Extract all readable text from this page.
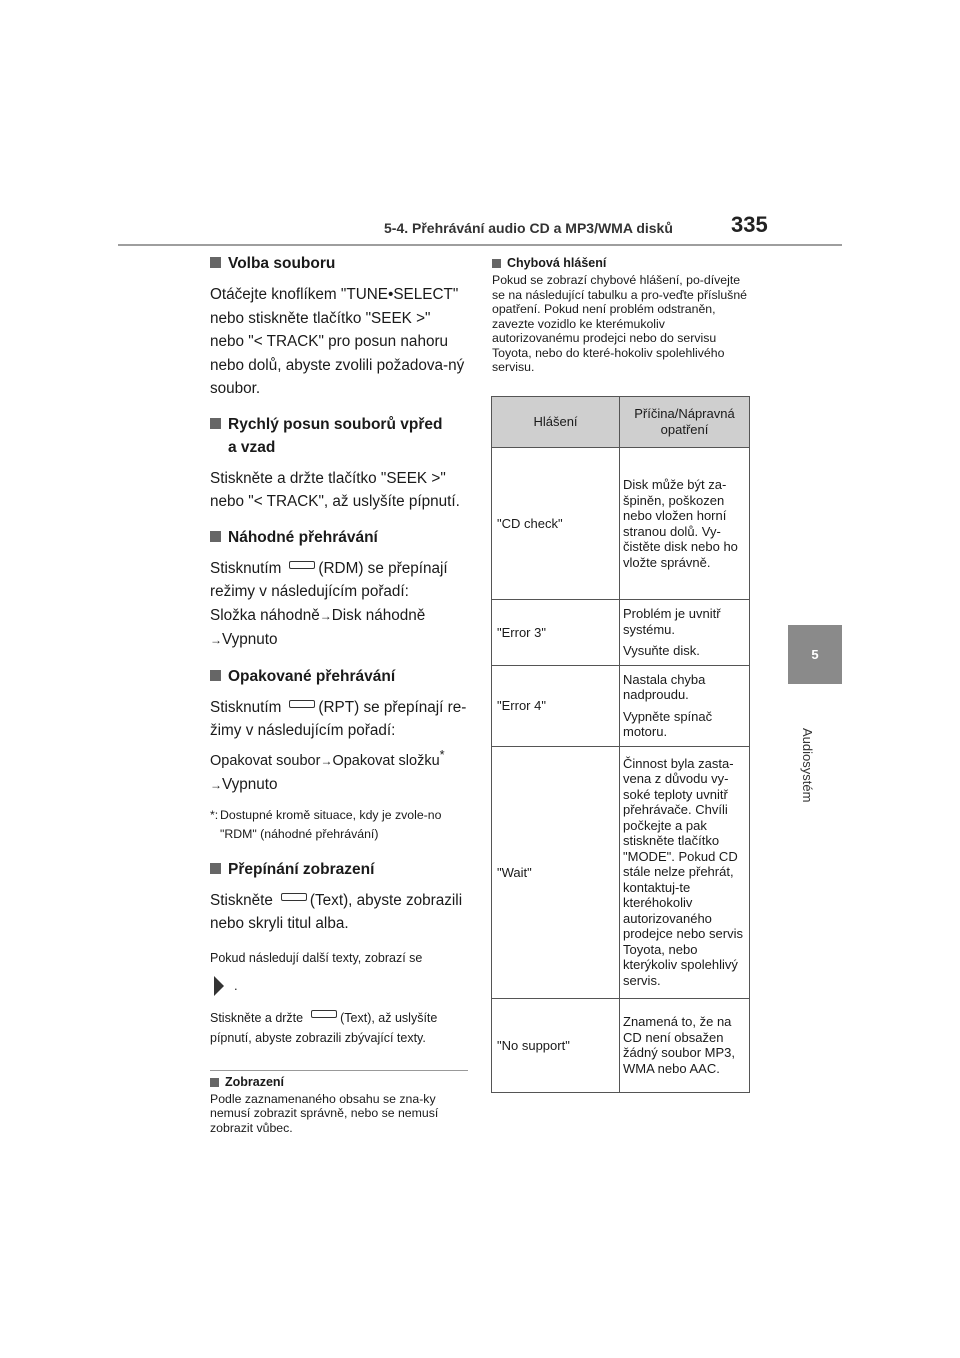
5-4. Přehrávání audio CD a MP3/WMA disků	335
5
Audiosystém
Volba souboru

Otáčejte knoflíkem "TUNE•SELECT" nebo stiskněte tlačítko "SEEK >" nebo "< TRACK" pro posun nahoru nebo dolů, abyste zvolili požadova-ný soubor.

Rychlý posun souborů vpřed
a vzad

Stiskněte a držte tlačítko "SEEK >" nebo "< TRACK", až uslyšíte pípnutí.

Náhodné přehrávání

Stisknutím (RDM) se přepínají režimy v následujícím pořadí:
Složka náhodně→Disk náhodně
→Vypnuto

Opakované přehrávání

Stisknutím (RPT) se přepínají re-žimy v následujícím pořadí:
Opakovat soubor→Opakovat složku*
→Vypnuto

*: Dostupné kromě situace, kdy je zvole-no "RDM" (náhodné přehrávání)
Přepínání zobrazení

Stiskněte (Text), abyste zobrazili nebo skryli titul alba.

Pokud následují další texty, zobrazí se

.

Stiskněte a držte	(Text), až uslyšíte pípnutí, abyste zobrazili zbývající texty.

Zobrazení

Podle zaznamenaného obsahu se zna-ky nemusí zobrazit správně, nebo se nemusí zobrazit vůbec.

Chybová hlášení

Pokud se zobrazí chybové hlášení, po-dívejte se na následující tabulku a pro-veďte příslušné opatření. Pokud není problém odstraněn, zavezte vozidlo ke kterémukoliv autorizovanému prodejci nebo do servisu Toyota, nebo do které-hokoliv spolehlivého servisu.

Hlášení	Příčina/Nápravná opatření
"CD check"	Disk může být za-špiněn, poškozen nebo vložen horní stranou dolů. Vy-čistěte disk nebo ho vložte správně.

"Error 3"	Problém je uvnitř systému.

Vysuňte disk.

"Error 4"	Nastala chyba nadproudu.

Vypněte spínač motoru.

"Wait"	Činnost byla zasta-vena z důvodu vy-soké teploty uvnitř přehrávače. Chvíli počkejte a pak stiskněte tlačítko "MODE". Pokud CD stále nelze přehrát, kontaktuj-te kteréhokoliv autorizovaného prodejce nebo servis Toyota, nebo kterýkoliv spolehlivý servis.

"No support"	Znamená to, že na CD není obsažen žádný soubor MP3, WMA nebo AAC.
